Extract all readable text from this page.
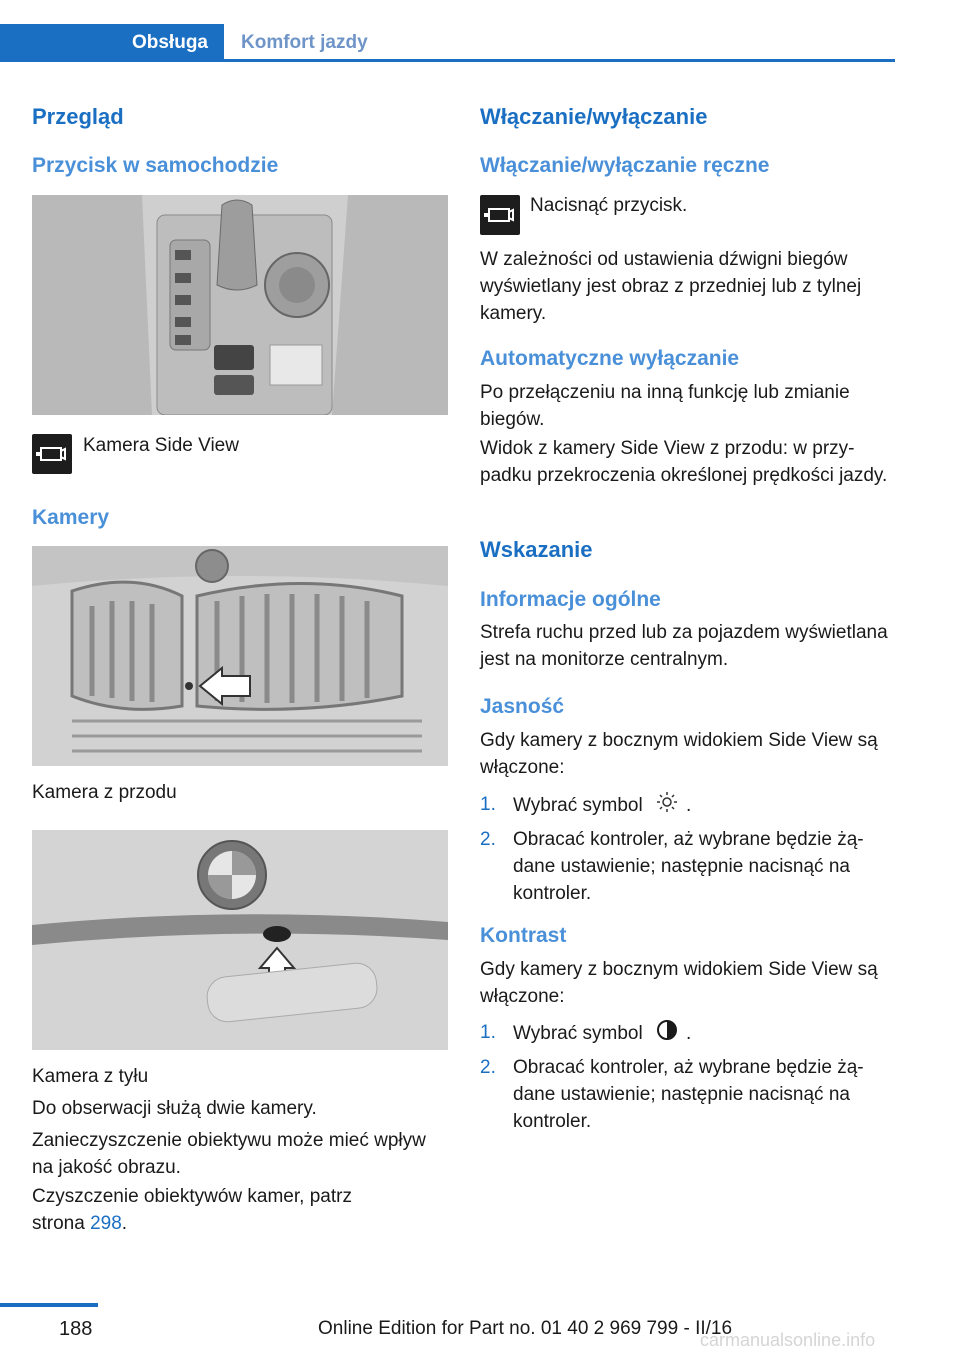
Obsługa	Komfort jazdy
Przegląd
Przycisk w samochodzie

Kamera Side View

Kamery

Kamera z przodu

Kamera z tyłu

Do obserwacji służą dwie kamery.

Zanieczyszczenie obiektywu może mieć wpływ na jakość obrazu.

Czyszczenie obiektywów kamer, patrz
strona 298.

Włączanie/wyłączanie
Włączanie/wyłączanie ręczne

Nacisnąć przycisk.

W zależności od ustawienia dźwigni biegów wyświetlany jest obraz z przedniej lub z tylnej kamery.

Automatyczne wyłączanie

Po przełączeniu na inną funkcję lub zmianie biegów.

Widok z kamery Side View z przodu: w przypadku przekroczenia określonej prędkości jazdy.

Wskazanie
Informacje ogólne

Strefa ruchu przed lub za pojazdem wyświetlana jest na monitorze centralnym.

Jasność

Gdy kamery z bocznym widokiem Side View są włączone:

1. Wybrać symbol .
2. Obracać kontroler, aż wybrane będzie żądane ustawienie; następnie nacisnąć na kontroler.
Kontrast

Gdy kamery z bocznym widokiem Side View są włączone:

1. Wybrać symbol .
2. Obracać kontroler, aż wybrane będzie żądane ustawienie; następnie nacisnąć na kontroler.
188	Online Edition for Part no. 01 40 2 969 799 - II/16
carmanualsonline.info
